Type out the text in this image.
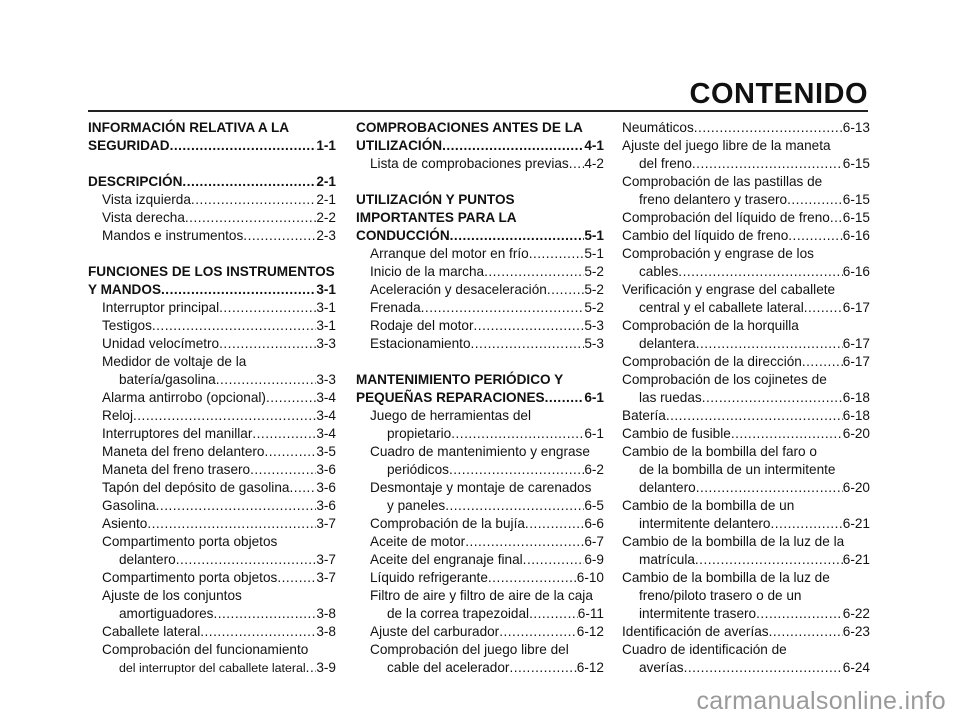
CONTENIDO
INFORMACIÓN RELATIVA A LA
SEGURIDAD .....	1-1
DESCRIPCIÓN .....	2-1
Vista izquierda .....	2-1
Vista derecha .....	2-2
Mandos e instrumentos .....	2-3
FUNCIONES DE LOS INSTRUMENTOS
Y MANDOS .....	3-1
Interruptor principal .....	3-1
Testigos .....	3-1
Unidad velocímetro .....	3-3
Medidor de voltaje de la
batería/gasolina .....	3-3
Alarma antirrobo (opcional) .....	3-4
Reloj .....	3-4
Interruptores del manillar .....	3-4
Maneta del freno delantero .....	3-5
Maneta del freno trasero .....	3-6
Tapón del depósito de gasolina ..... 3-6
Gasolina .....	3-6
Asiento .....	3-7
Compartimento porta objetos
delantero .....	3-7
Compartimento porta objetos .....	3-7
Ajuste de los conjuntos
amortiguadores .....	3-8
Caballete lateral .....	3-8
Comprobación del funcionamiento
del interruptor del caballete lateral ..... 3-9
COMPROBACIONES ANTES DE LA
UTILIZACIÓN .....	4-1
Lista de comprobaciones previas ..... 4-2
UTILIZACIÓN Y PUNTOS
IMPORTANTES PARA LA
CONDUCCIÓN .....	5-1
Arranque del motor en frío .....	5-1
Inicio de la marcha .....	5-2
Aceleración y desaceleración .....	5-2
Frenada .....	5-2
Rodaje del motor .....	5-3
Estacionamiento .....	5-3
MANTENIMIENTO PERIÓDICO Y
PEQUEÑAS REPARACIONES .....	6-1
Juego de herramientas del
propietario .....	6-1
Cuadro de mantenimiento y engrase
periódicos .....	6-2
Desmontaje y montaje de carenados
y paneles .....	6-5
Comprobación de la bujía .....	6-6
Aceite de motor .....	6-7
Aceite del engranaje final .....	6-9
Líquido refrigerante .....	6-10
Filtro de aire y filtro de aire de la caja
de la correa trapezoidal .....	6-11
Ajuste del carburador .....	6-12
Comprobación del juego libre del
cable del acelerador .....	6-12
Neumáticos .....	6-13
Ajuste del juego libre de la maneta
del freno .....	6-15
Comprobación de las pastillas de
freno delantero y trasero .....	6-15
Comprobación del líquido de freno ..... 6-15
Cambio del líquido de freno .....	6-16
Comprobación y engrase de los
cables .....	6-16
Verificación y engrase del caballete
central y el caballete lateral .....	6-17
Comprobación de la horquilla
delantera .....	6-17
Comprobación de la dirección .....	6-17
Comprobación de los cojinetes de
las ruedas .....	6-18
Batería .....	6-18
Cambio de fusible .....	6-20
Cambio de la bombilla del faro o
de la bombilla de un intermitente
delantero .....	6-20
Cambio de la bombilla de un
intermitente delantero .....	6-21
Cambio de la bombilla de la luz de la
matrícula .....	6-21
Cambio de la bombilla de la luz de
freno/piloto trasero o de un
intermitente trasero .....	6-22
Identificación de averías .....	6-23
Cuadro de identificación de
averías .....	6-24
carmanualsonline.info
